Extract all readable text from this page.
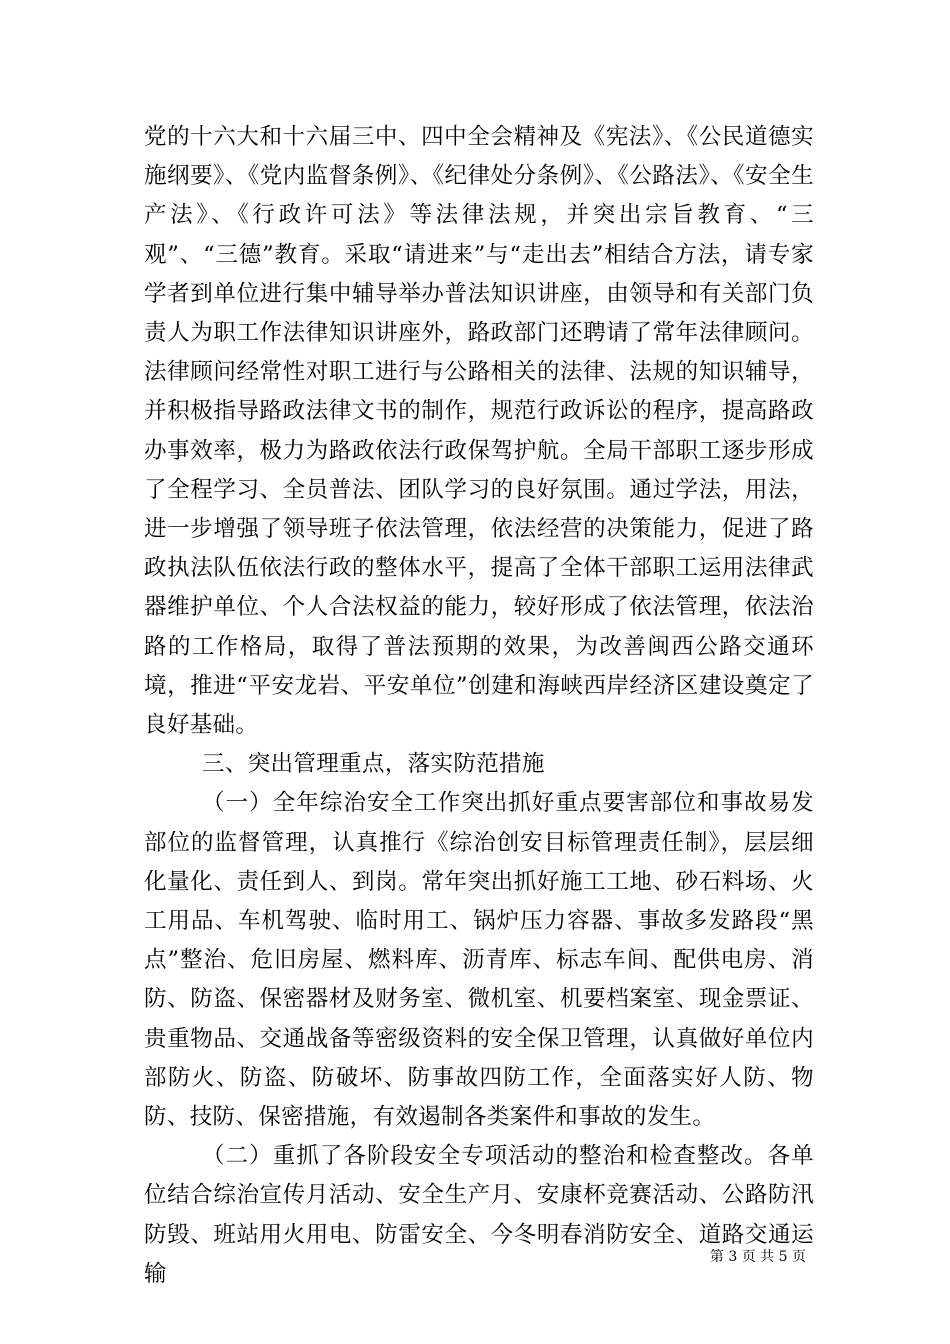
党的十六大和十六届三中、四中全会精神及《宪法》、《公民道德实施纲要》、《党内监督条例》、《纪律处分条例》、《公路法》、《安全生产法》、《行政许可法》等法律法规，并突出宗旨教育、“三观”、“三德”教育。采取“请进来”与“走出去”相结合方法，请专家学者到单位进行集中辅导举办普法知识讲座，由领导和有关部门负责人为职工作法律知识讲座外，路政部门还聘请了常年法律顾问。法律顾问经常性对职工进行与公路相关的法律、法规的知识辅导，并积极指导路政法律文书的制作，规范行政诉讼的程序，提高路政办事效率，极力为路政依法行政保驾护航。全局干部职工逐步形成了全程学习、全员普法、团队学习的良好氛围。通过学法，用法，进一步增强了领导班子依法管理，依法经营的决策能力，促进了路政执法队伍依法行政的整体水平，提高了全体干部职工运用法律武器维护单位、个人合法权益的能力，较好形成了依法管理，依法治路的工作格局，取得了普法预期的效果，为改善闽西公路交通环境，推进“平安龙岩、平安单位”创建和海峡西岸经济区建设奠定了良好基础。

三、突出管理重点，落实防范措施

（一）全年综治安全工作突出抓好重点要害部位和事故易发部位的监督管理，认真推行《综治创安目标管理责任制》，层层细化量化、责任到人、到岗。常年突出抓好施工工地、砂石料场、火工用品、车机驾驶、临时用工、锅炉压力容器、事故多发路段“黑点”整治、危旧房屋、燃料库、沥青库、标志车间、配供电房、消防、防盗、保密器材及财务室、微机室、机要档案室、现金票证、贵重物品、交通战备等密级资料的安全保卫管理，认真做好单位内部防火、防盗、防破坏、防事故四防工作，全面落实好人防、物防、技防、保密措施，有效遏制各类案件和事故的发生。

（二）重抓了各阶段安全专项活动的整治和检查整改。各单位结合综治宣传月活动、安全生产月、安康杯竞赛活动、公路防汛防毁、班站用火用电、防雷安全、今冬明春消防安全、道路交通运输

第 3 页 共 5 页
